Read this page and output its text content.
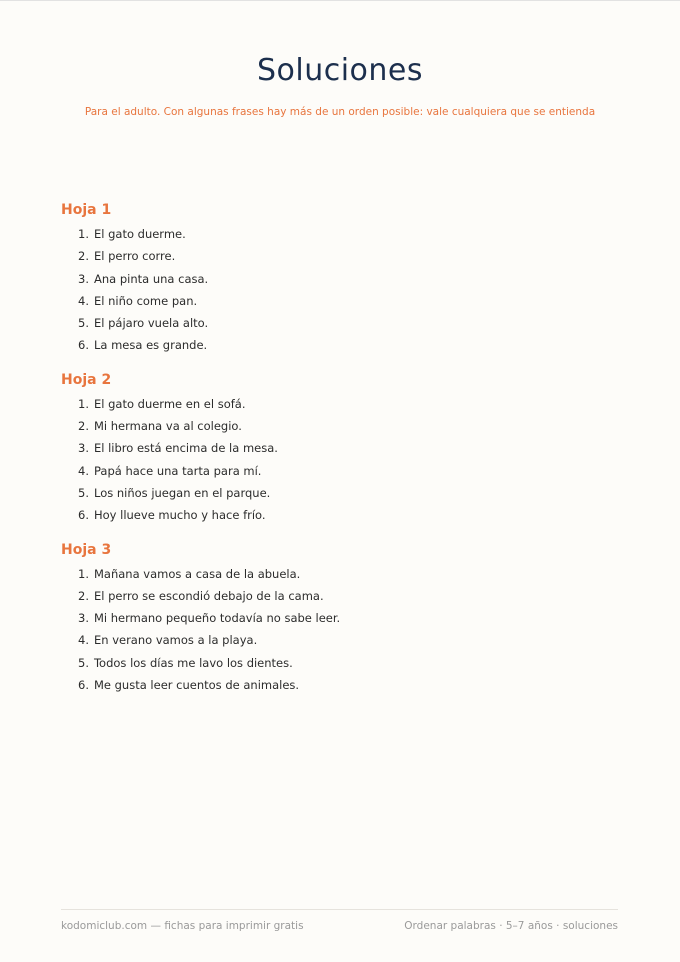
Soluciones

Para el adulto. Con algunas frases hay más de un orden posible: vale cualquiera que se entienda

Hoja 1
1. El gato duerme.
2. El perro corre.
3. Ana pinta una casa.
4. El niño come pan.
5. El pájaro vuela alto.
6. La mesa es grande.
Hoja 2
1. El gato duerme en el sofá.
2. Mi hermana va al colegio.
3. El libro está encima de la mesa.
4. Papá hace una tarta para mí.
5. Los niños juegan en el parque.
6. Hoy llueve mucho y hace frío.
Hoja 3
1. Mañana vamos a casa de la abuela.
2. El perro se escondió debajo de la cama.
3. Mi hermano pequeño todavía no sabe leer.
4. En verano vamos a la playa.
5. Todos los días me lavo los dientes.
6. Me gusta leer cuentos de animales.
kodomiclub.com — fichas para imprimir gratis	Ordenar palabras · 5–7 años · soluciones
